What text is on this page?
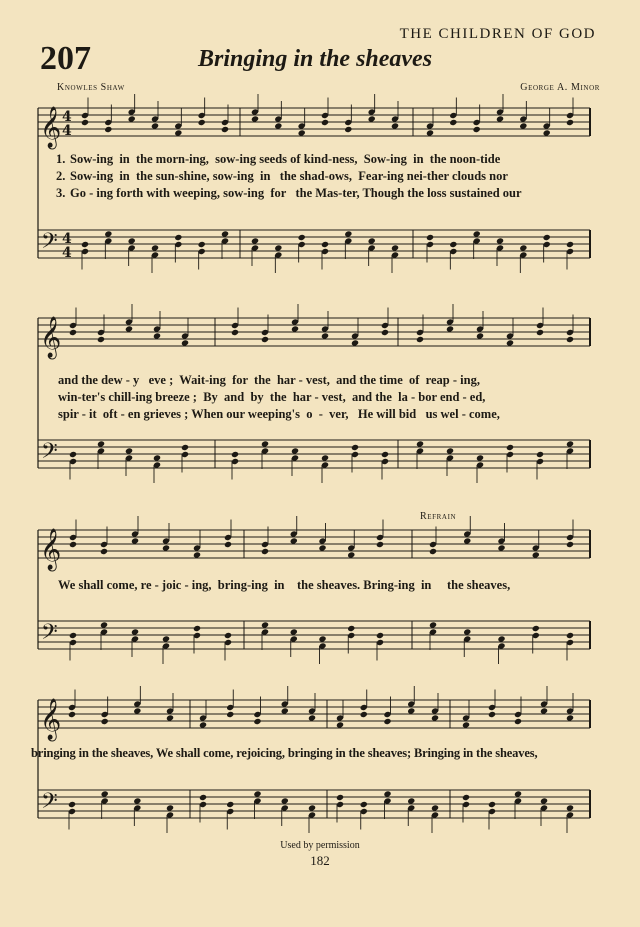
THE CHILDREN OF GOD
207	Bringing in the sheaves
Knowles Shaw	George A. Minor
𝄞
𝄢
4
4
4
4
𝄞
𝄢
𝄞
𝄢
𝄞
𝄢
1. Sow-ing  in  the morn-ing,  sow-ing seeds of kind-ness,  Sow-ing  in  the noon-tide
2. Sow-ing  in  the sun-shine, sow-ing  in   the shad-ows,  Fear-ing nei-ther clouds nor
3. Go - ing forth with weeping, sow-ing  for   the Mas-ter, Though the loss sustained our
and the dew - y   eve ;  Wait-ing  for  the  har - vest,  and the time  of  reap - ing,
win-ter's chill-ing breeze ;  By  and  by  the  har - vest,  and the  la - bor end - ed,
spir - it  oft - en grieves ; When our weeping's  o  -  ver,   He will bid   us wel - come,
Refrain
We shall come, re - joic - ing,  bring-ing  in    the sheaves. Bring-ing  in     the sheaves,
bringing in the sheaves, We shall come, rejoicing, bringing in the sheaves; Bringing in the sheaves,
Used by permission
182
